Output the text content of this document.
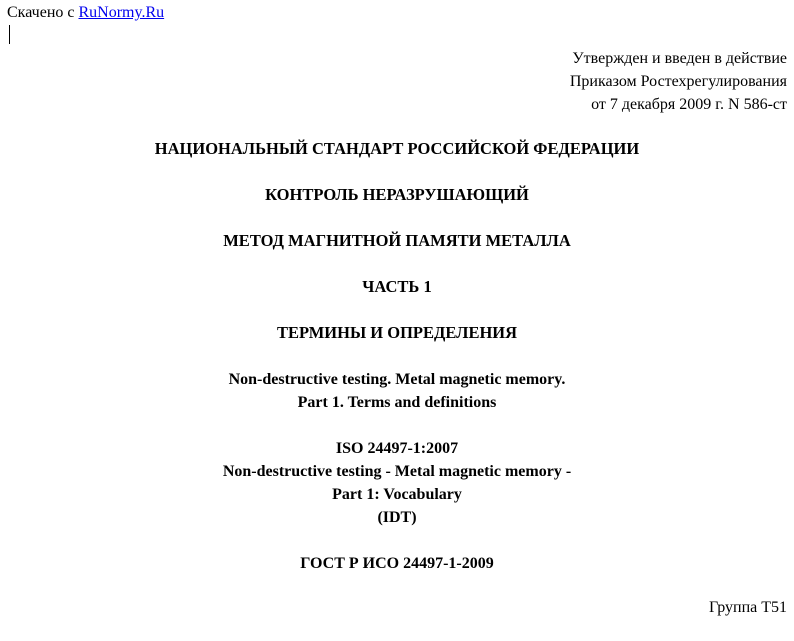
Скачено с RuNormy.Ru
Утвержден и введен в действие
Приказом Ростехрегулирования
от 7 декабря 2009 г. N 586-ст
НАЦИОНАЛЬНЫЙ СТАНДАРТ РОССИЙСКОЙ ФЕДЕРАЦИИ
КОНТРОЛЬ НЕРАЗРУШАЮЩИЙ
МЕТОД МАГНИТНОЙ ПАМЯТИ МЕТАЛЛА
ЧАСТЬ 1
ТЕРМИНЫ И ОПРЕДЕЛЕНИЯ
Non-destructive testing. Metal magnetic memory.
Part 1. Terms and definitions
ISO 24497-1:2007
Non-destructive testing - Metal magnetic memory -
Part 1: Vocabulary
(IDT)
ГОСТ Р ИСО 24497-1-2009
Группа Т51
